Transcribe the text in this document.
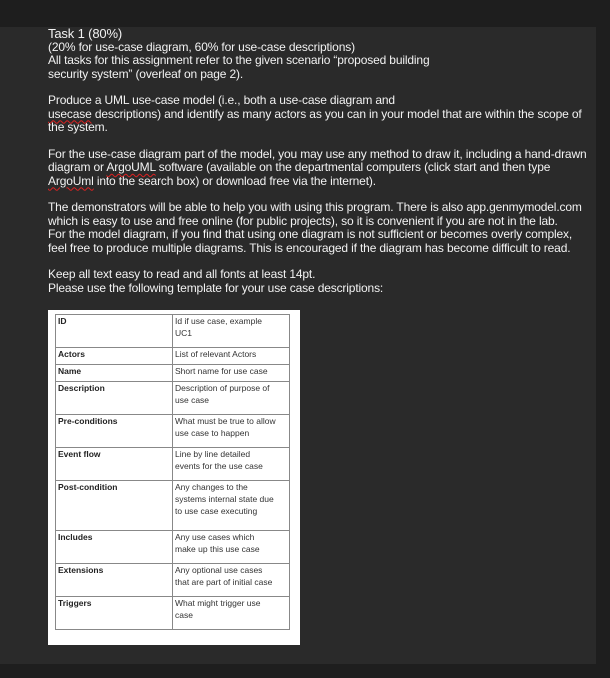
Task 1 (80%)
(20% for use-case diagram, 60% for use-case descriptions)
All tasks for this assignment refer to the given scenario “proposed building
security system” (overleaf on page 2).
Produce a UML use-case model (i.e., both a use-case diagram and
usecase descriptions) and identify as many actors as you can in your model that are within the scope of
the system.
For the use-case diagram part of the model, you may use any method to draw it, including a hand-drawn
diagram or ArgoUML software (available on the departmental computers (click start and then type
ArgoUml into the search box) or download free via the internet).
The demonstrators will be able to help you with using this program. There is also app.genmymodel.com
which is easy to use and free online (for public projects), so it is convenient if you are not in the lab.
For the model diagram, if you find that using one diagram is not sufficient or becomes overly complex,
feel free to produce multiple diagrams. This is encouraged if the diagram has become difficult to read.
Keep all text easy to read and all fonts at least 14pt.
Please use the following template for your use case descriptions:
ID	Id if use case, example
UC1

Actors	List of relevant Actors

Name	Short name for use case

Description	Description of purpose of
use case

Pre-conditions	What must be true to allow
use case to happen

Event flow	Line by line detailed
events for the use case

Post-condition	Any changes to the
systems internal state due
to use case executing

Includes	Any use cases which
make up this use case

Extensions	Any optional use cases
that are part of initial case

Triggers	What might trigger use
case
